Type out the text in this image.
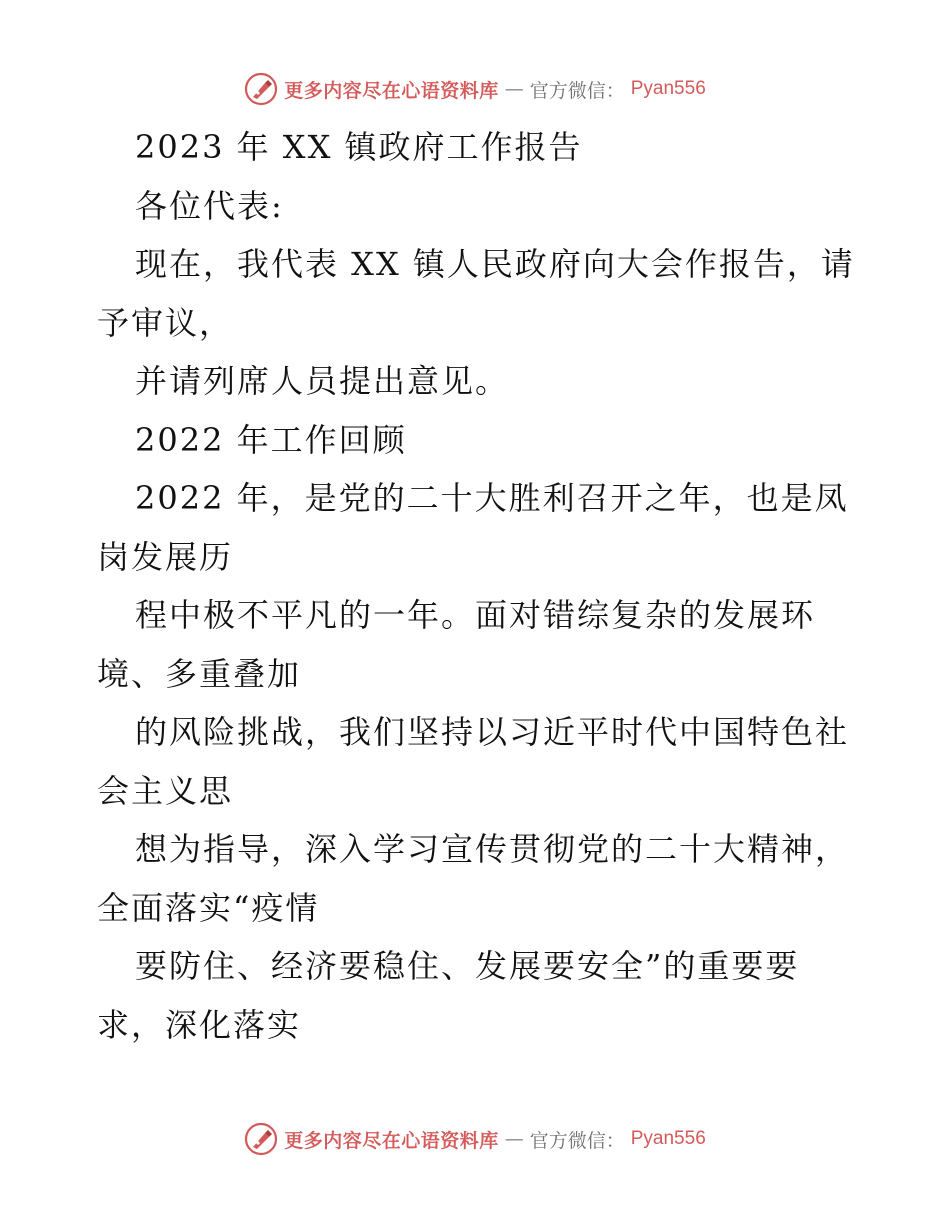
更多内容尽在心语资料库 — 官方微信： Pyan556
2023 年 XX 镇政府工作报告
各位代表:
现在，我代表 XX 镇人民政府向大会作报告，请
予审议，
并请列席人员提出意见。
2022 年工作回顾
2022 年，是党的二十大胜利召开之年，也是凤
岗发展历
程中极不平凡的一年。面对错综复杂的发展环
境、多重叠加
的风险挑战，我们坚持以习近平时代中国特色社
会主义思
想为指导，深入学习宣传贯彻党的二十大精神，
全面落实“疫情
要防住、经济要稳住、发展要安全”的重要要
求，深化落实
更多内容尽在心语资料库 — 官方微信： Pyan556
